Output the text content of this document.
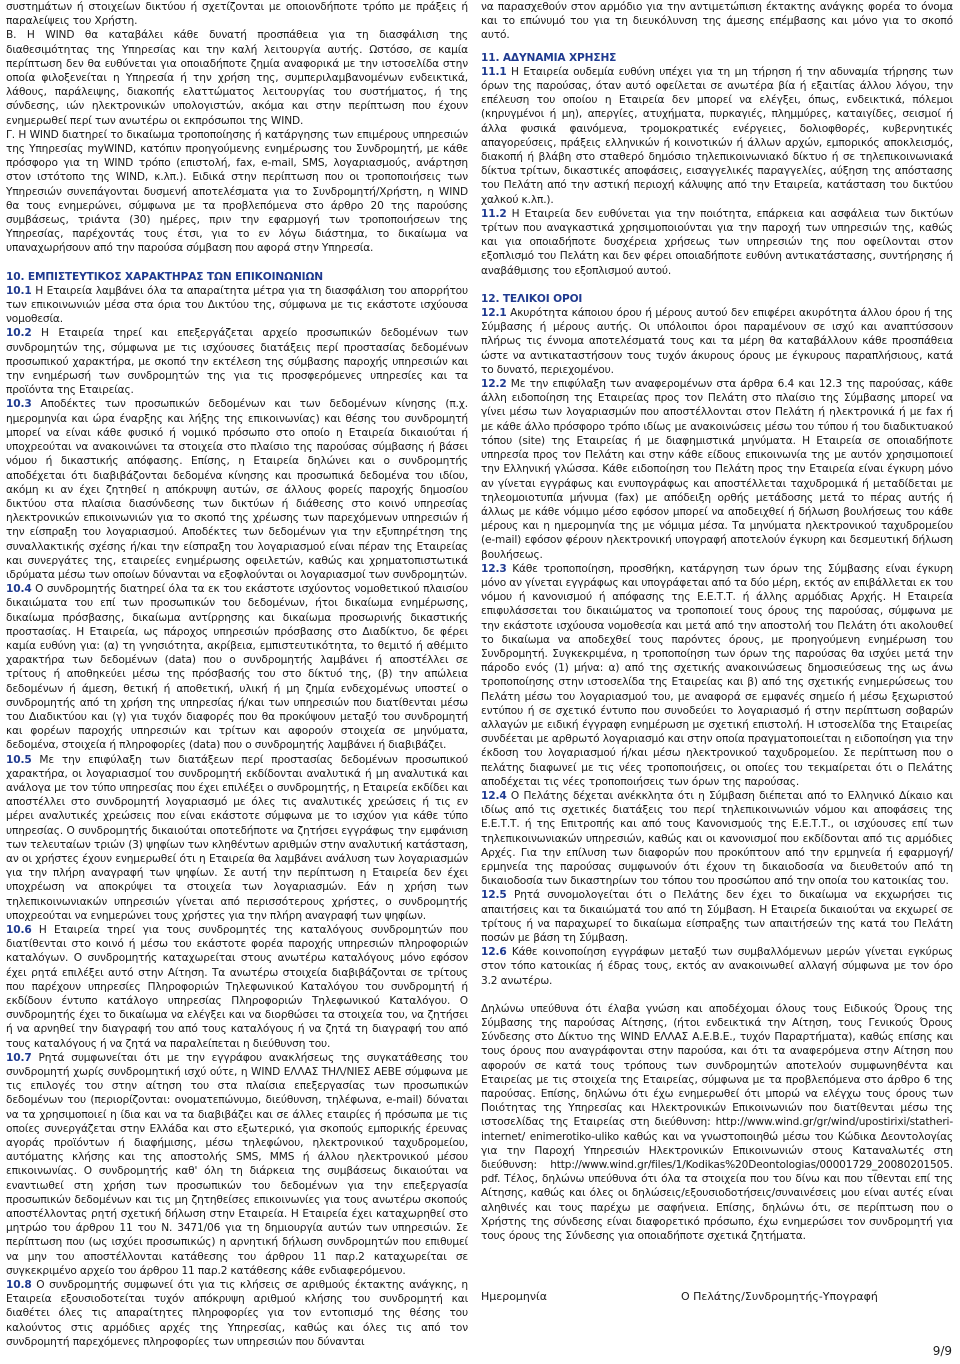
συστημάτων ή στοιχείων δικτύου ή σχετίζονται με οποιονδήποτε τρόπο με πράξεις ή παραλείψεις του Χρήστη.

Β. Η WIND θα καταβάλει κάθε δυνατή προσπάθεια για τη διασφάλιση της διαθεσιμότητας της Υπηρεσίας και την καλή λειτουργία αυτής. Ωστόσο, σε καμία περίπτωση δεν θα ευθύνεται για οποιαδήποτε ζημία αναφορικά με την ιστοσελίδα στην οποία φιλοξενείται η Υπηρεσία ή την χρήση της, συμπεριλαμβανομένων ενδεικτικά, λάθους, παράλειψης, διακοπής ελαττώματος λειτουργίας του συστήματος, ή της σύνδεσης, ιών ηλεκτρονικών υπολογιστών, ακόμα και στην περίπτωση που έχουν ενημερωθεί περί των ανωτέρω οι εκπρόσωποι της WIND.

Γ. Η WIND διατηρεί το δικαίωμα τροποποίησης ή κατάργησης των επιμέρους υπηρεσιών της Υπηρεσίας myWIND, κατόπιν προηγούμενης ενημέρωσης του Συνδρομητή, με κάθε πρόσφορο για τη WIND τρόπο (επιστολή, fax, e-mail, SMS, λογαριασμούς, ανάρτηση στον ιστότοπο της WIND, κ.λπ.). Ειδικά στην περίπτωση που οι τροποποιήσεις των Υπηρεσιών συνεπάγονται δυσμενή αποτελέσματα για το Συνδρομητή/Χρήστη, η WIND θα τους ενημερώνει, σύμφωνα με τα προβλεπόμενα στο άρθρο 20 της παρούσης συμβάσεως, τριάντα (30) ημέρες, πριν την εφαρμογή των τροποποιήσεων της Υπηρεσίας, παρέχοντάς τους έτσι, για το εν λόγω διάστημα, το δικαίωμα να υπαναχωρήσουν από την παρούσα σύμβαση που αφορά στην Υπηρεσία.

10. ΕΜΠΙΣΤΕΥΤΙΚΟΣ ΧΑΡΑΚΤΗΡΑΣ ΤΩΝ ΕΠΙΚΟΙΝΩΝΙΩΝ

10.1 Η Εταιρεία λαμβάνει όλα τα απαραίτητα μέτρα για τη διασφάλιση του απορρήτου των επικοινωνιών μέσα στα όρια του Δικτύου της, σύμφωνα με τις εκάστοτε ισχύουσα νομοθεσία.

10.2 Η Εταιρεία τηρεί και επεξεργάζεται αρχείο προσωπικών δεδομένων των συνδρομητών της, σύμφωνα με τις ισχύουσες διατάξεις περί προστασίας δεδομένων προσωπικού χαρακτήρα, με σκοπό την εκτέλεση της σύμβασης παροχής υπηρεσιών και την ενημέρωσή των συνδρομητών της για τις προσφερόμενες υπηρεσίες και τα προϊόντα της Εταιρείας.

10.3 Αποδέκτες των προσωπικών δεδομένων και των δεδομένων κίνησης (π.χ. ημερομηνία και ώρα έναρξης και λήξης της επικοινωνίας) και θέσης του συνδρομητή μπορεί να είναι κάθε φυσικό ή νομικό πρόσωπο στο οποίο η Εταιρεία δικαιούται ή υποχρεούται να ανακοινώνει τα στοιχεία στο πλαίσιο της παρούσας σύμβασης ή βάσει νόμου ή δικαστικής απόφασης. Επίσης, η Εταιρεία δηλώνει και ο συνδρομητής αποδέχεται ότι διαβιβάζονται δεδομένα κίνησης και προσωπικά δεδομένα του ιδίου, ακόμη κι αν έχει ζητηθεί η απόκρυψη αυτών, σε άλλους φορείς παροχής δημοσίου δικτύου στα πλαίσια διασύνδεσης των δικτύων ή διάθεσης στο κοινό υπηρεσίας ηλεκτρονικών επικοινωνιών για το σκοπό της χρέωσης των παρεχόμενων υπηρεσιών ή την είσπραξη του λογαριασμού. Αποδέκτες των δεδομένων για την εξυπηρέτηση της συναλλακτικής σχέσης ή/και την είσπραξη του λογαριασμού είναι πέραν της Εταιρείας και συνεργάτες της, εταιρείες ενημέρωσης οφειλετών, καθώς και χρηματοπιστωτικά ιδρύματα μέσω των οποίων δύνανται να εξοφλούνται οι λογαριασμοί των συνδρομητών.

10.4 Ο συνδρομητής διατηρεί όλα τα εκ του εκάστοτε ισχύοντος νομοθετικού πλαισίου δικαιώματα του επί των προσωπικών του δεδομένων, ήτοι δικαίωμα ενημέρωσης, δικαίωμα πρόσβασης, δικαίωμα αντίρρησης και δικαίωμα προσωρινής δικαστικής προστασίας. Η Εταιρεία, ως πάροχος υπηρεσιών πρόσβασης στο Διαδίκτυο, δε φέρει καμία ευθύνη για: (α) τη γνησιότητα, ακρίβεια, εμπιστευτικότητα, το θεμιτό ή αθέμιτο χαρακτήρα των δεδομένων (data) που ο συνδρομητής λαμβάνει ή αποστέλλει σε τρίτους ή αποθηκεύει μέσω της πρόσβασής του στο δίκτυό της, (β) την απώλεια δεδομένων ή άμεση, θετική ή αποθετική, υλική ή μη ζημία ενδεχομένως υποστεί ο συνδρομητής από τη χρήση της υπηρεσίας ή/και των υπηρεσιών που διατίθενται μέσω του Διαδικτύου και (γ) για τυχόν διαφορές που θα προκύψουν μεταξύ του συνδρομητή και φορέων παροχής υπηρεσιών και τρίτων και αφορούν στοιχεία σε μηνύματα, δεδομένα, στοιχεία ή πληροφορίες (data) που ο συνδρομητής λαμβάνει ή διαβιβάζει.

10.5 Με την επιφύλαξη των διατάξεων περί προστασίας δεδομένων προσωπικού χαρακτήρα, οι λογαριασμοί του συνδρομητή εκδίδονται αναλυτικά ή μη αναλυτικά και ανάλογα με τον τύπο υπηρεσίας που έχει επιλέξει ο συνδρομητής, η Εταιρεία εκδίδει και αποστέλλει στο συνδρομητή λογαριασμό με όλες τις αναλυτικές χρεώσεις ή τις εν μέρει αναλυτικές χρεώσεις που είναι εκάστοτε σύμφωνα με το ισχύον για κάθε τύπο υπηρεσίας. Ο συνδρομητής δικαιούται οποτεδήποτε να ζητήσει εγγράφως την εμφάνιση των τελευταίων τριών (3) ψηφίων των κληθέντων αριθμών στην αναλυτική κατάσταση, αν οι χρήστες έχουν ενημερωθεί ότι η Εταιρεία θα λαμβάνει ανάλυση των λογαριασμών για την πλήρη αναγραφή των ψηφίων. Σε αυτή την περίπτωση η Εταιρεία δεν έχει υποχρέωση να αποκρύψει τα στοιχεία των λογαριασμών. Εάν η χρήση των τηλεπικοινωνιακών υπηρεσιών γίνεται από περισσότερους χρήστες, ο συνδρομητής υποχρεούται να ενημερώνει τους χρήστες για την πλήρη αναγραφή των ψηφίων.

10.6 Η Εταιρεία τηρεί για τους συνδρομητές της καταλόγους συνδρομητών που διατίθενται στο κοινό ή μέσω του εκάστοτε φορέα παροχής υπηρεσιών πληροφοριών καταλόγων. Ο συνδρομητής καταχωρείται στους ανωτέρω καταλόγους μόνο εφόσον έχει ρητά επιλέξει αυτό στην Αίτηση. Τα ανωτέρω στοιχεία διαβιβάζονται σε τρίτους που παρέχουν υπηρεσίες Πληροφοριών Τηλεφωνικού Καταλόγου του συνδρομητή ή εκδίδουν έντυπο κατάλογο υπηρεσίας Πληροφοριών Τηλεφωνικού Καταλόγου. Ο συνδρομητής έχει το δικαίωμα να ελέγξει και να διορθώσει τα στοιχεία του, να ζητήσει ή να αρνηθεί την διαγραφή του από τους καταλόγους ή να ζητά τη διαγραφή του από τους καταλόγους ή να ζητά να παραλείπεται η διεύθυνση του.

10.7 Ρητά συμφωνείται ότι με την εγγράφου ανακλήσεως της συγκατάθεσης του συνδρομητή χωρίς συνδρομητική ισχύ ούτε, η WIND ΕΛΛΑΣ ΤΗΛ/ΝΙΕΣ ΑΕΒΕ σύμφωνα με τις επιλογές του στην αίτηση του στα πλαίσια επεξεργασίας των προσωπικών δεδομένων του (περιορίζονται: ονοματεπώνυμο, διεύθυνση, τηλέφωνα, e-mail) δύναται να τα χρησιμοποιεί η ίδια και να τα διαβιβάζει και σε άλλες εταιρίες ή πρόσωπα με τις οποίες συνεργάζεται στην Ελλάδα και στο εξωτερικό, για σκοπούς εμπορικής έρευνας αγοράς προϊόντων ή διαφήμισης, μέσω τηλεφώνου, ηλεκτρονικού ταχυδρομείου, αυτόματης κλήσης και της αποστολής SMS, MMS ή άλλου ηλεκτρονικού μέσου επικοινωνίας. Ο συνδρομητής καθ' όλη τη διάρκεια της συμβάσεως δικαιούται να εναντιωθεί στη χρήση των προσωπικών του δεδομένων για την επεξεργασία προσωπικών δεδομένων και τις μη ζητηθείσες επικοινωνίες για τους ανωτέρω σκοπούς αποστέλλοντας ρητή σχετική δήλωση στην Εταιρεία. Η Εταιρεία έχει καταχωρηθεί στο μητρώο του άρθρου 11 του Ν. 3471/06 για τη δημιουργία αυτών των υπηρεσιών. Σε περίπτωση που (ως ισχύει προσωπικώς) η αρνητική δήλωση συνδρομητών που επιθυμεί να μην του αποστέλλονται κατάθεσης του άρθρου 11 παρ.2 καταχωρείται σε συγκεκριμένο αρχείο του άρθρου 11 παρ.2 κατάθεσης κάθε ενδιαφερόμενου.

10.8 Ο συνδρομητής συμφωνεί ότι για τις κλήσεις σε αριθμούς έκτακτης ανάγκης, η Εταιρεία εξουσιοδοτείται τυχόν απόκρυψη αριθμού κλήσης του συνδρομητή και διαθέτει όλες τις απαραίτητες πληροφορίες για τον εντοπισμό της θέσης του καλούντος στις αρμόδιες αρχές της Υπηρεσίας, καθώς και όλες τις από τον συνδρομητή παρεχόμενες πληροφορίες των υπηρεσιών που δύνανται

να παρασχεθούν στον αρμόδιο για την αντιμετώπιση έκτακτης ανάγκης φορέα το όνομα και το επώνυμό του για τη διευκόλυνση της άμεσης επέμβασης και μόνο για το σκοπό αυτό.

11. ΑΔΥΝΑΜΙΑ ΧΡΗΣΗΣ

11.1 Η Εταιρεία ουδεμία ευθύνη υπέχει για τη μη τήρηση ή την αδυναμία τήρησης των όρων της παρούσας, όταν αυτό οφείλεται σε ανωτέρα βία ή εξαιτίας άλλου λόγου, την επέλευση του οποίου η Εταιρεία δεν μπορεί να ελέγξει, όπως, ενδεικτικά, πόλεμοι (κηρυγμένοι ή μη), απεργίες, ατυχήματα, πυρκαγιές, πλημμύρες, καταιγίδες, σεισμοί ή άλλα φυσικά φαινόμενα, τρομοκρατικές ενέργειες, δολιοφθορές, κυβερνητικές απαγορεύσεις, πράξεις ελληνικών ή κοινοτικών ή άλλων αρχών, εμπορικός αποκλεισμός, διακοπή ή βλάβη στο σταθερό δημόσιο τηλεπικοινωνιακό δίκτυο ή σε τηλεπικοινωνιακά δίκτυα τρίτων, δικαστικές αποφάσεις, εισαγγελικές παραγγελίες, αύξηση της απόστασης του Πελάτη από την αστική περιοχή κάλυψης από την Εταιρεία, κατάσταση του δικτύου χαλκού κ.λπ.).

11.2 Η Εταιρεία δεν ευθύνεται για την ποιότητα, επάρκεια και ασφάλεια των δικτύων τρίτων που αναγκαστικά χρησιμοποιούνται για την παροχή των υπηρεσιών της, καθώς και για οποιαδήποτε δυσχέρεια χρήσεως των υπηρεσιών της που οφείλονται στον εξοπλισμό του Πελάτη και δεν φέρει οποιαδήποτε ευθύνη αντικατάστασης, συντήρησης ή αναβάθμισης του εξοπλισμού αυτού.

12. ΤΕΛΙΚΟΙ ΟΡΟΙ

12.1 Ακυρότητα κάποιου όρου ή μέρους αυτού δεν επιφέρει ακυρότητα άλλου όρου ή της Σύμβασης ή μέρους αυτής. Οι υπόλοιποι όροι παραμένουν σε ισχύ και αναπτύσσουν πλήρως τις έννομα αποτελέσματά τους και τα μέρη θα καταβάλλουν κάθε προσπάθεια ώστε να αντικαταστήσουν τους τυχόν άκυρους όρους με έγκυρους παραπλήσιους, κατά το δυνατό, περιεχομένου.

12.2 Με την επιφύλαξη των αναφερομένων στα άρθρα 6.4 και 12.3 της παρούσας, κάθε άλλη ειδοποίηση της Εταιρείας προς τον Πελάτη στο πλαίσιο της Σύμβασης μπορεί να γίνει μέσω των λογαριασμών που αποστέλλονται στον Πελάτη ή ηλεκτρονικά ή με fax ή με κάθε άλλο πρόσφορο τρόπο ιδίως με ανακοινώσεις μέσω του τύπου ή του διαδικτυακού τόπου (site) της Εταιρείας ή με διαφημιστικά μηνύματα. Η Εταιρεία σε οποιαδήποτε υπηρεσία προς τον Πελάτη και στην κάθε είδους επικοινωνία της με αυτόν χρησιμοποιεί την Ελληνική γλώσσα. Κάθε ειδοποίηση του Πελάτη προς την Εταιρεία είναι έγκυρη μόνο αν γίνεται εγγράφως και ενυπογράφως και αποστέλλεται ταχυδρομικά ή μεταδίδεται με τηλεομοιοτυπία μήνυμα (fax) με απόδειξη ορθής μετάδοσης μετά το πέρας αυτής ή άλλως με κάθε νόμιμο μέσο εφόσον μπορεί να αποδειχθεί ή δήλωση βουλήσεως του κάθε μέρους και η ημερομηνία της με νόμιμα μέσα. Τα μηνύματα ηλεκτρονικού ταχυδρομείου (e-mail) εφόσον φέρουν ηλεκτρονική υπογραφή αποτελούν έγκυρη και δεσμευτική δήλωση βουλήσεως.

12.3 Κάθε τροποποίηση, προσθήκη, κατάργηση των όρων της Σύμβασης είναι έγκυρη μόνο αν γίνεται εγγράφως και υπογράφεται από τα δύο μέρη, εκτός αν επιβάλλεται εκ του νόμου ή κανονισμού ή απόφασης της Ε.Ε.Τ.Τ. ή άλλης αρμόδιας Αρχής. Η Εταιρεία επιφυλάσσεται του δικαιώματος να τροποποιεί τους όρους της παρούσας, σύμφωνα με την εκάστοτε ισχύουσα νομοθεσία και μετά από την αποστολή του Πελάτη ότι ακολουθεί το δικαίωμα να αποδεχθεί τους παρόντες όρους, με προηγούμενη ενημέρωση του Συνδρομητή. Συγκεκριμένα, η τροποποίηση των όρων της παρούσας θα ισχύει μετά την πάροδο ενός (1) μήνα: α) από της σχετικής ανακοινώσεως δημοσιεύσεως της ως άνω τροποποίησης στην ιστοσελίδα της Εταιρείας και β) από της σχετικής ενημερώσεως του Πελάτη μέσω του λογαριασμού του, με αναφορά σε εμφανές σημείο ή μέσω ξεχωριστού εντύπου ή σε σχετικό έντυπο που συνοδεύει το λογαριασμό ή στην περίπτωση σοβαρών αλλαγών με ειδική έγγραφη ενημέρωση με σχετική επιστολή. Η ιστοσελίδα της Εταιρείας συνδέεται με αρθρωτό λογαριασμό και στην οποία πραγματοποιείται η ειδοποίηση για την έκδοση του λογαριασμού ή/και μέσω ηλεκτρονικού ταχυδρομείου. Σε περίπτωση που ο πελάτης διαφωνεί με τις νέες τροποποιήσεις, οι οποίες του τεκμαίρεται ότι ο Πελάτης αποδέχεται τις νέες τροποποιήσεις των όρων της παρούσας.

12.4 Ο Πελάτης δέχεται ανέκκλητα ότι η Σύμβαση διέπεται από το Ελληνικό Δίκαιο και ιδίως από τις σχετικές διατάξεις του περί τηλεπικοινωνιών νόμου και αποφάσεις της Ε.Ε.Τ.Τ. ή της Επιτροπής και από τους Κανονισμούς της Ε.Ε.Τ.Τ., οι ισχύουσες επί των τηλεπικοινωνιακών υπηρεσιών, καθώς και οι κανονισμοί που εκδίδονται από τις αρμόδιες Αρχές. Για την επίλυση των διαφορών που προκύπτουν από την ερμηνεία ή εφαρμογή/ερμηνεία της παρούσας συμφωνούν ότι έχουν τη δικαιοδοσία να διευθετούν από τη δικαιοδοσία των δικαστηρίων του τόπου του προσώπου από την οποία του κατοικίας του.

12.5 Ρητά συνομολογείται ότι ο Πελάτης δεν έχει το δικαίωμα να εκχωρήσει τις απαιτήσεις και τα δικαιώματά του από τη Σύμβαση. Η Εταιρεία δικαιούται να εκχωρεί σε τρίτους ή να παραχωρεί το δικαίωμα είσπραξης των απαιτήσεών της κατά του Πελάτη ποσών με βάση τη Σύμβαση.

12.6 Κάθε κοινοποίηση εγγράφων μεταξύ των συμβαλλόμενων μερών γίνεται εγκύρως στον τόπο κατοικίας ή έδρας τους, εκτός αν ανακοινωθεί αλλαγή σύμφωνα με τον όρο 3.2 ανωτέρω.

Δηλώνω υπεύθυνα ότι έλαβα γνώση και αποδέχομαι όλους τους Ειδικούς Όρους της Σύμβασης της παρούσας Αίτησης, (ήτοι ενδεικτικά την Αίτηση, τους Γενικούς Όρους Σύνδεσης στο Δίκτυο της WIND ΕΛΛΑΣ Α.Ε.Β.Ε., τυχόν Παραρτήματα), καθώς επίσης και τους όρους που αναγράφονται στην παρούσα, και ότι τα αναφερόμενα στην Αίτηση που αφορούν σε κατά τους τρόπους των συνδρομητών αποτελούν συμφωνηθέντα και Εταιρείας με τις στοιχεία της Εταιρείας, σύμφωνα με τα προβλεπόμενα στο άρθρο 6 της παρούσας. Επίσης, δηλώνω ότι έχω ενημερωθεί ότι μπορώ να ελέγχω τους όρους των Ποιότητας της Υπηρεσίας και Ηλεκτρονικών Επικοινωνιών που διατίθενται μέσω της ιστοσελίδας της Εταιρείας στη διεύθυνση: http://www.wind.gr/gr/wind/upostirixi/statheri-internet/ enimerotiko-uliko καθώς και να γνωστοποιηθώ μέσω του Κώδικα Δεοντολογίας για την Παροχή Υπηρεσιών Ηλεκτρονικών Επικοινωνιών στους Καταναλωτές στη διεύθυνση: http://www.wind.gr/files/1/Kodikas%20Deontologias/00001729_20080201505. pdf. Τέλος, δηλώνω υπεύθυνα ότι όλα τα στοιχεία που του δίνω και που τίθενται επί της Αίτησης, καθώς και όλες οι δηλώσεις/εξουσιοδοτήσεις/συναινέσεις μου είναι αυτές είναι αληθινές και τους παρέχω με σαφήνεια. Επίσης, δηλώνω ότι, σε περίπτωση που ο Χρήστης της σύνδεσης είναι διαφορετικό πρόσωπο, έχω ενημερώσει τον συνδρομητή για τους όρους της Σύνδεσης για οποιαδήποτε σχετικά ζητήματα.

Ημερομηνία	Ο Πελάτης/Συνδρομητής-Υπογραφή
9/9
